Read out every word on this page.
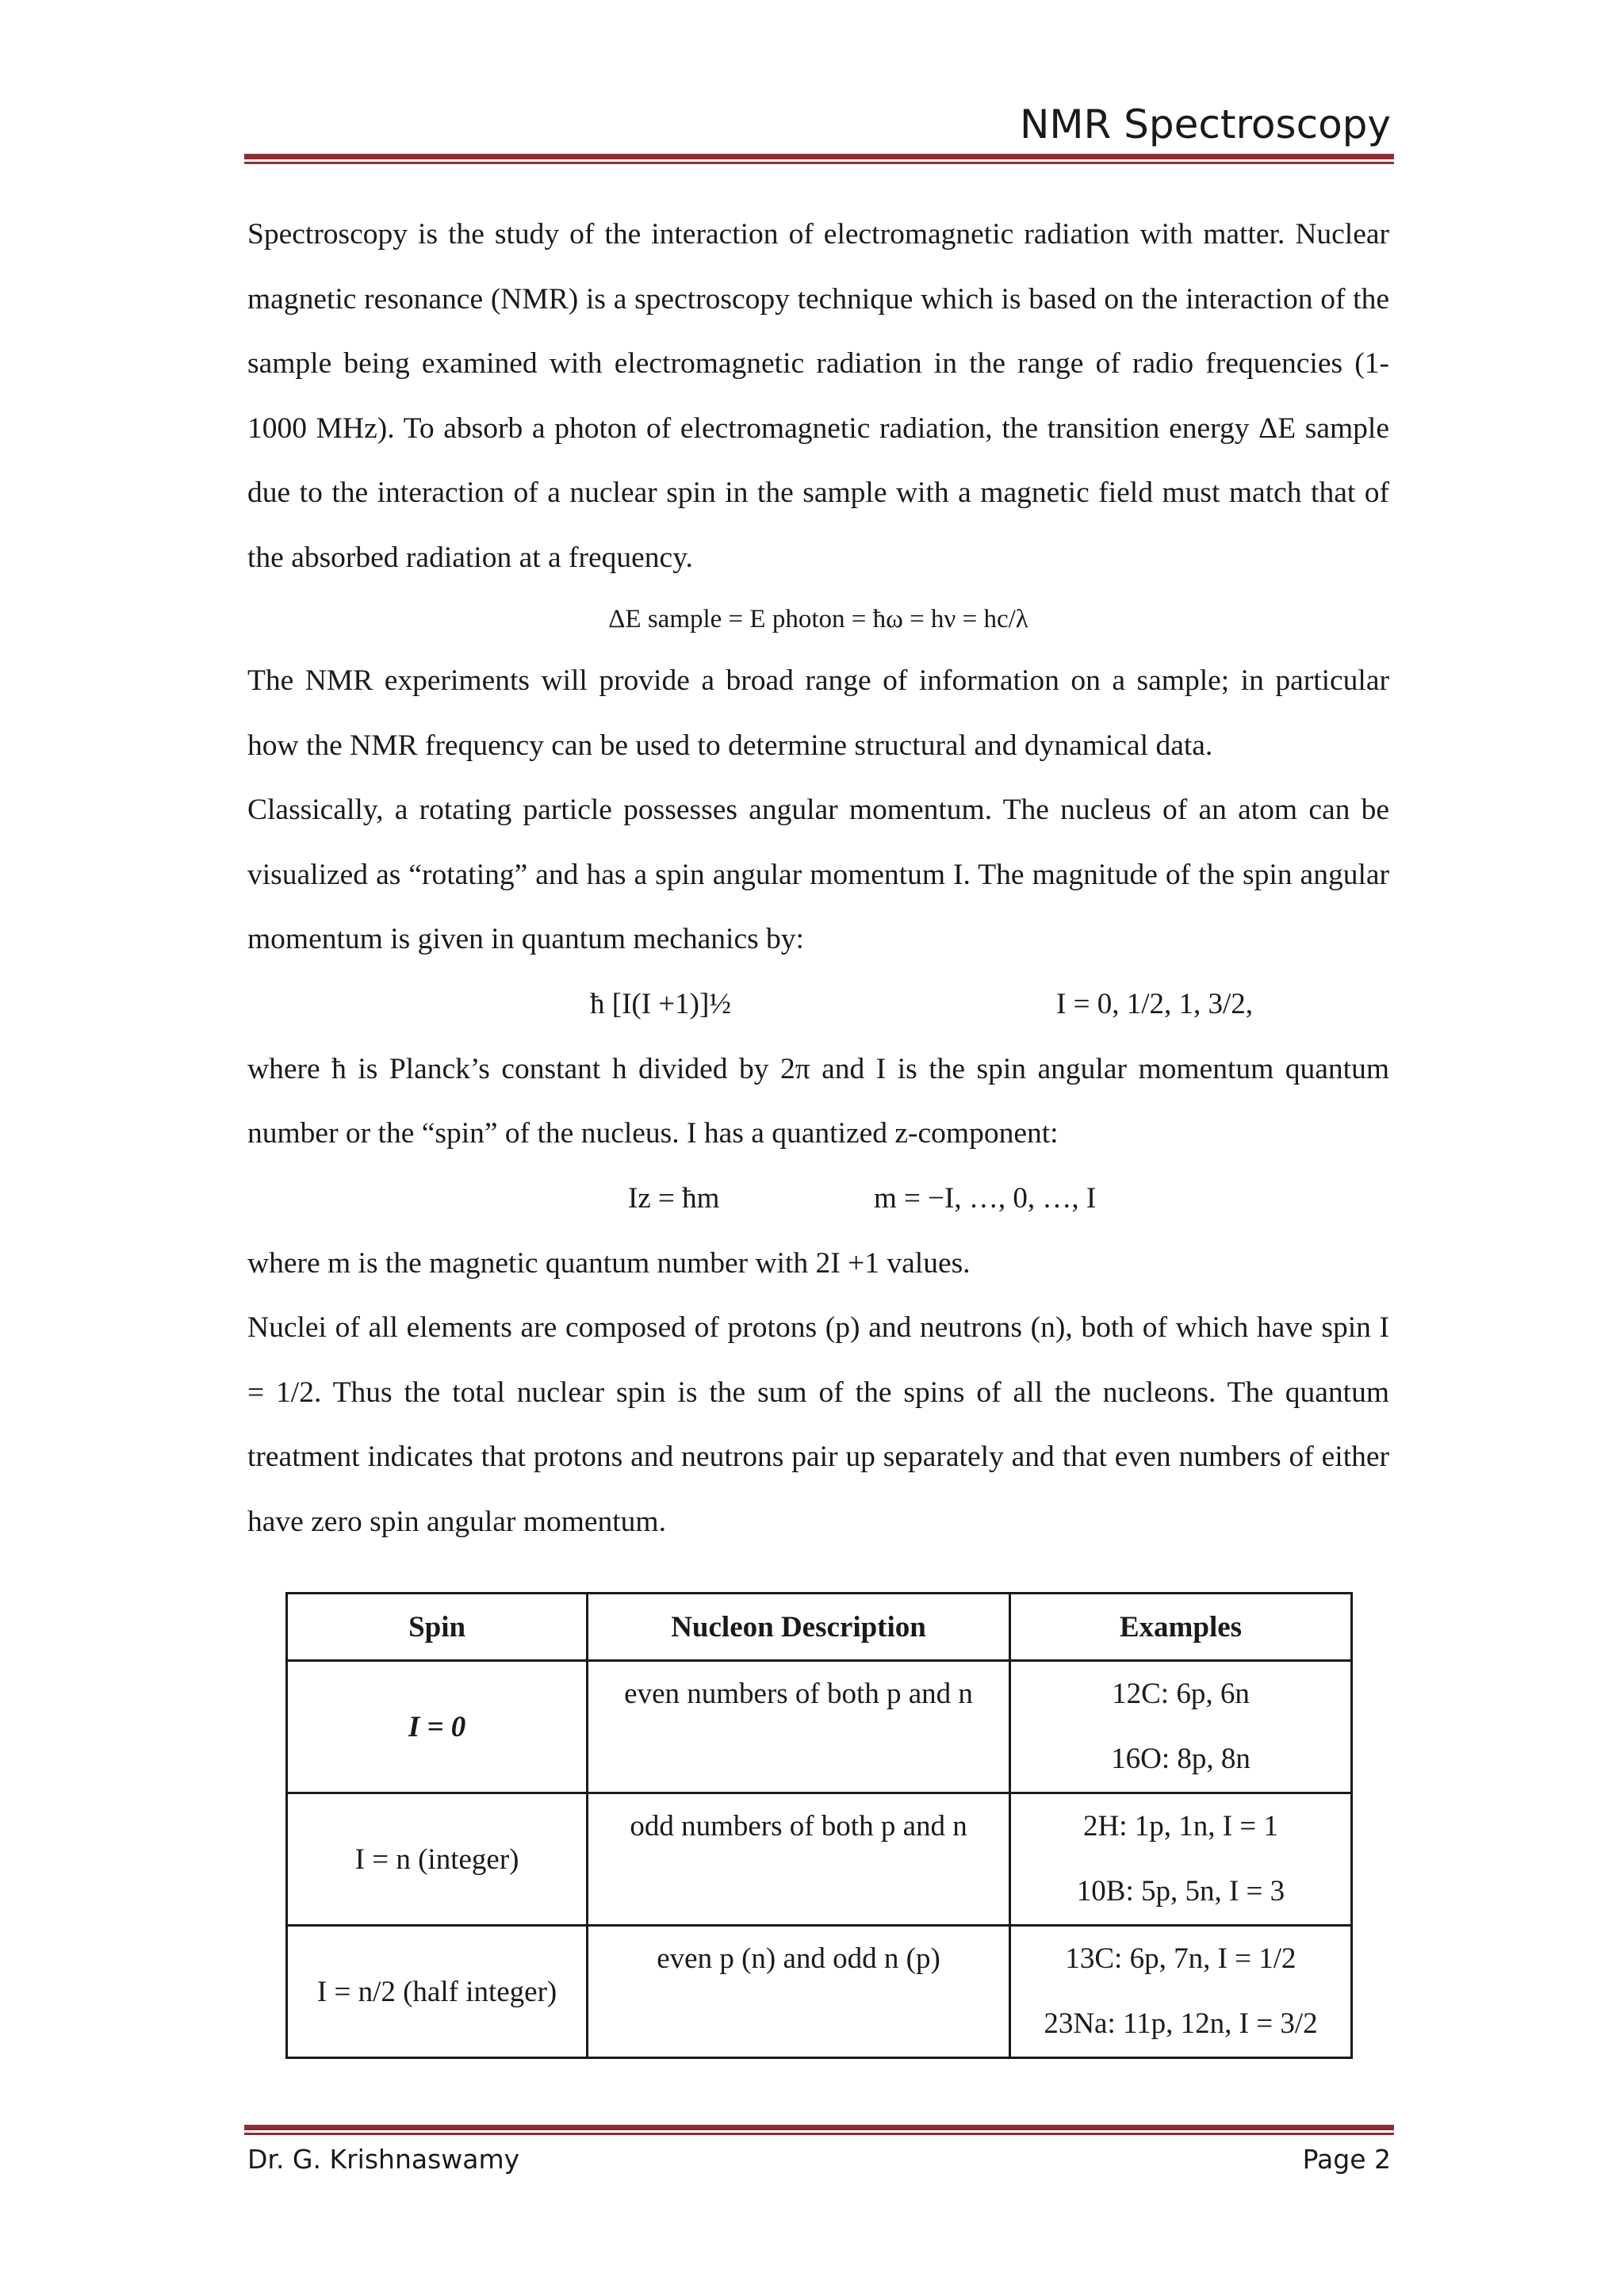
NMR Spectroscopy

Spectroscopy is the study of the interaction of electromagnetic radiation with matter. Nuclear magnetic resonance (NMR) is a spectroscopy technique which is based on the interaction of the sample being examined with electromagnetic radiation in the range of radio frequencies (1- 1000 MHz). To absorb a photon of electromagnetic radiation, the transition energy ΔE sample due to the interaction of a nuclear spin in the sample with a magnetic field must match that of the absorbed radiation at a frequency.

ΔE sample = E photon = ħω = hν = hc/λ

The NMR experiments will provide a broad range of information on a sample; in particular how the NMR frequency can be used to determine structural and dynamical data.

Classically, a rotating particle possesses angular momentum. The nucleus of an atom can be visualized as “rotating” and has a spin angular momentum I. The magnitude of the spin angular momentum is given in quantum mechanics by:

ħ [I(I +1)]½	I = 0, 1/2, 1, 3/2,

where ħ is Planck’s constant h divided by 2π and I is the spin angular momentum quantum number or the “spin” of the nucleus. I has a quantized z-component:

Iz = ħm	m = −I, …, 0, …, I

where m is the magnetic quantum number with 2I +1 values.

Nuclei of all elements are composed of protons (p) and neutrons (n), both of which have spin I = 1/2. Thus the total nuclear spin is the sum of the spins of all the nucleons. The quantum treatment indicates that protons and neutrons pair up separately and that even numbers of either have zero spin angular momentum.

Spin	Nucleon Description	Examples
I = 0	even numbers of both p and n	12C: 6p, 6n
16O: 8p, 8n

I = n (integer)	odd numbers of both p and n	2H: 1p, 1n, I = 1
10B: 5p, 5n, I = 3

I = n/2 (half integer)	even p (n) and odd n (p)	13C: 6p, 7n, I = 1/2
23Na: 11p, 12n, I = 3/2
Dr. G. Krishnaswamy	Page 2
